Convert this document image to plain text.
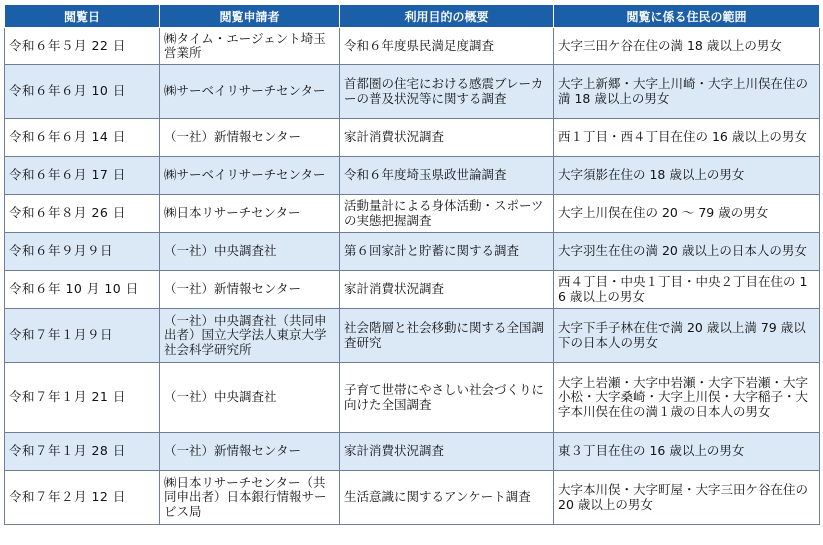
閲覧日	閲覧申請者	利用目的の概要	閲覧に係る住民の範囲
令和６年５月 22 日	㈱タイム・エージェント埼玉営業所	令和６年度県民満足度調査	大字三田ケ谷在住の満 18 歳以上の男女
令和６年６月 10 日	㈱サーベイリサーチセンター	首都圏の住宅における感震ブレーカーの普及状況等に関する調査	大字上新郷・大字上川崎・大字上川俣在住の満 18 歳以上の男女
令和６年６月 14 日	（一社）新情報センター	家計消費状況調査	西１丁目・西４丁目在住の 16 歳以上の男女
令和６年６月 17 日	㈱サーベイリサーチセンター	令和６年度埼玉県政世論調査	大字須影在住の 18 歳以上の男女
令和６年８月 26 日	㈱日本リサーチセンター	活動量計による身体活動・スポーツの実態把握調査	大字上川俣在住の 20 ～ 79 歳の男女
令和６年９月９日	（一社）中央調査社	第６回家計と貯蓄に関する調査	大字羽生在住の満 20 歳以上の日本人の男女
令和６年 10 月 10 日	（一社）新情報センター	家計消費状況調査	西４丁目・中央１丁目・中央２丁目在住の 16 歳以上の男女
令和７年１月９日	（一社）中央調査社（共同申出者）国立大学法人東京大学社会科学研究所	社会階層と社会移動に関する全国調査研究	大字下手子林在住で満 20 歳以上満 79 歳以下の日本人の男女
令和７年１月 21 日	（一社）中央調査社	子育て世帯にやさしい社会づくりに向けた全国調査	大字上岩瀬・大字中岩瀬・大字下岩瀬・大字小松・大字桑崎・大字上川俣・大字稲子・大字本川俣在住の満１歳の日本人の男女
令和７年１月 28 日	（一社）新情報センター	家計消費状況調査	東３丁目在住の 16 歳以上の男女
令和７年２月 12 日	㈱日本リサーチセンター（共同申出者）日本銀行情報サービス局	生活意識に関するアンケート調査	大字本川俣・大字町屋・大字三田ケ谷在住の 20 歳以上の男女
